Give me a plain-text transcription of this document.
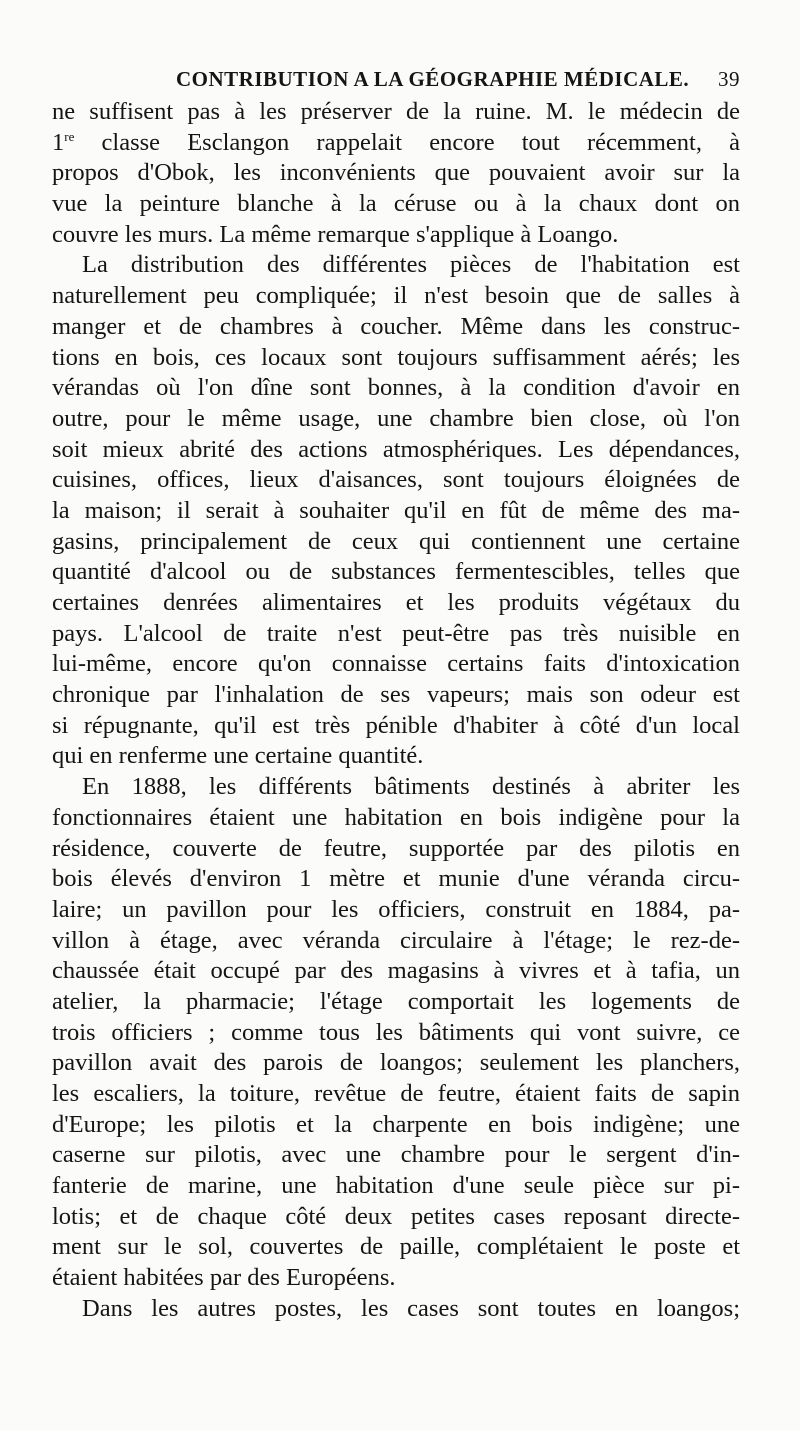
CONTRIBUTION A LA GÉOGRAPHIE MÉDICALE. 39
ne suffisent pas à les préserver de la ruine. M. le médecin de
1re classe Esclangon rappelait encore tout récemment, à
propos d'Obok, les inconvénients que pouvaient avoir sur la
vue la peinture blanche à la céruse ou à la chaux dont on
couvre les murs. La même remarque s'applique à Loango.
La distribution des différentes pièces de l'habitation est
naturellement peu compliquée; il n'est besoin que de salles à
manger et de chambres à coucher. Même dans les construc-
tions en bois, ces locaux sont toujours suffisamment aérés; les
vérandas où l'on dîne sont bonnes, à la condition d'avoir en
outre, pour le même usage, une chambre bien close, où l'on
soit mieux abrité des actions atmosphériques. Les dépendances,
cuisines, offices, lieux d'aisances, sont toujours éloignées de
la maison; il serait à souhaiter qu'il en fût de même des ma-
gasins, principalement de ceux qui contiennent une certaine
quantité d'alcool ou de substances fermentescibles, telles que
certaines denrées alimentaires et les produits végétaux du
pays. L'alcool de traite n'est peut-être pas très nuisible en
lui-même, encore qu'on connaisse certains faits d'intoxication
chronique par l'inhalation de ses vapeurs; mais son odeur est
si répugnante, qu'il est très pénible d'habiter à côté d'un local
qui en renferme une certaine quantité.
En 1888, les différents bâtiments destinés à abriter les
fonctionnaires étaient une habitation en bois indigène pour la
résidence, couverte de feutre, supportée par des pilotis en
bois élevés d'environ 1 mètre et munie d'une véranda circu-
laire; un pavillon pour les officiers, construit en 1884, pa-
villon à étage, avec véranda circulaire à l'étage; le rez-de-
chaussée était occupé par des magasins à vivres et à tafia, un
atelier, la pharmacie; l'étage comportait les logements de
trois officiers ; comme tous les bâtiments qui vont suivre, ce
pavillon avait des parois de loangos; seulement les planchers,
les escaliers, la toiture, revêtue de feutre, étaient faits de sapin
d'Europe; les pilotis et la charpente en bois indigène; une
caserne sur pilotis, avec une chambre pour le sergent d'in-
fanterie de marine, une habitation d'une seule pièce sur pi-
lotis; et de chaque côté deux petites cases reposant directe-
ment sur le sol, couvertes de paille, complétaient le poste et
étaient habitées par des Européens.
Dans les autres postes, les cases sont toutes en loangos;
